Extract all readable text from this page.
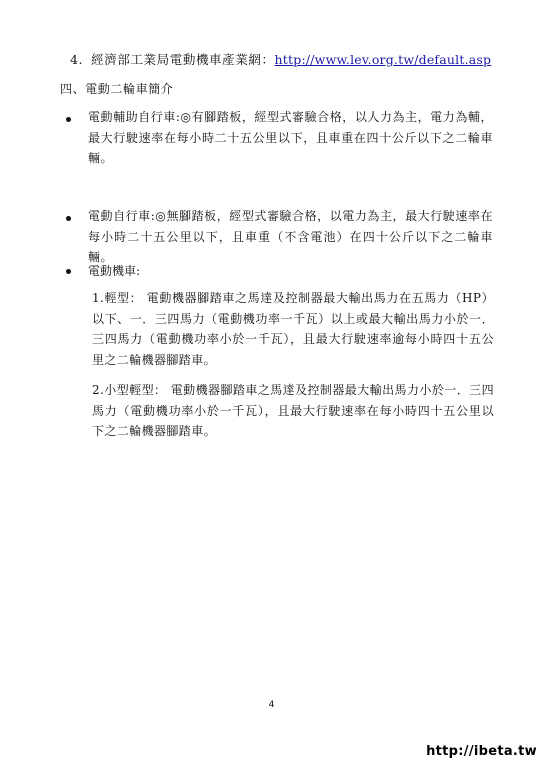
4. 經濟部工業局電動機車產業網：http://www.lev.org.tw/default.asp
四、電動二輪車簡介
電動輔助自行車:◎有腳踏板，經型式審驗合格，以人力為主，電力為輔，最大行駛速率在每小時二十五公里以下，且車重在四十公斤以下之二輪車輛。
電動自行車:◎無腳踏板，經型式審驗合格，以電力為主，最大行駛速率在每小時二十五公里以下，且車重（不含電池）在四十公斤以下之二輪車輛。
電動機車:
1.輕型： 電動機器腳踏車之馬達及控制器最大輸出馬力在五馬力（HP）以下、一．三四馬力（電動機功率一千瓦）以上或最大輸出馬力小於一．三四馬力（電動機功率小於一千瓦），且最大行駛速率逾每小時四十五公里之二輪機器腳踏車。
2.小型輕型： 電動機器腳踏車之馬達及控制器最大輸出馬力小於一．三四馬力（電動機功率小於一千瓦），且最大行駛速率在每小時四十五公里以下之二輪機器腳踏車。
4
http://ibeta.tw
